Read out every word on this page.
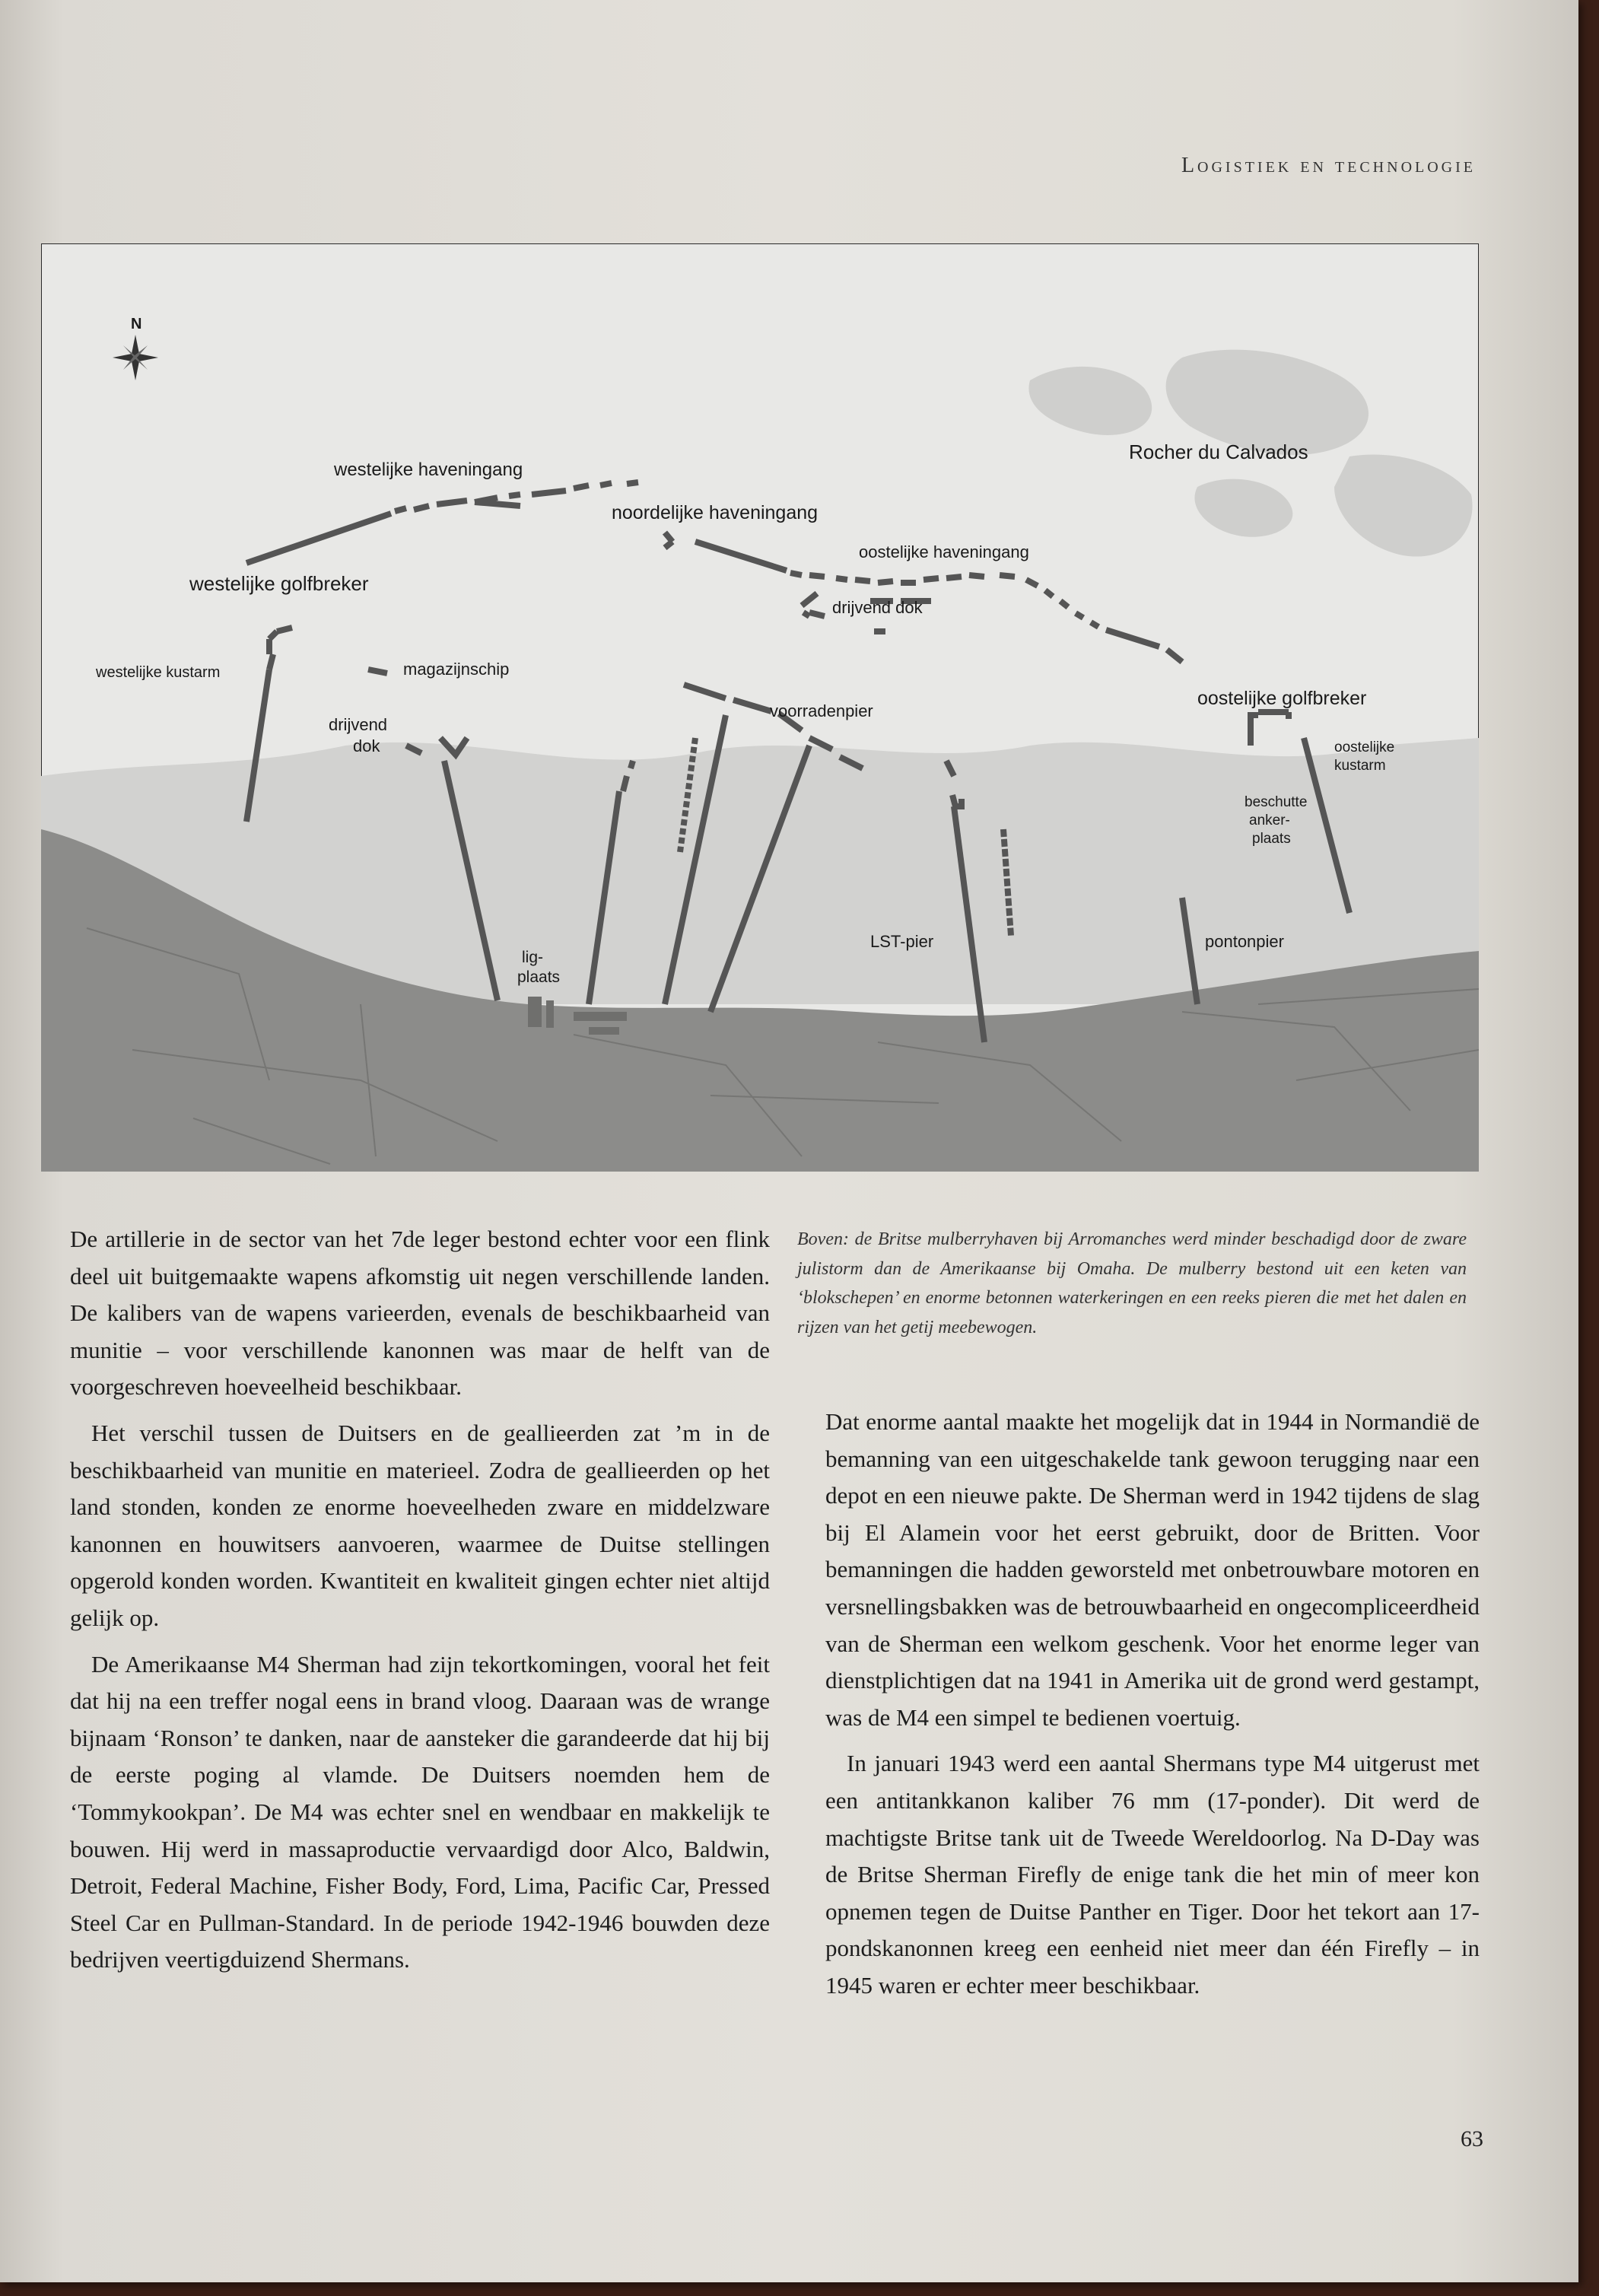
Logistiek en technologie
N
Rocher du Calvados
westelijke haveningang
noordelijke haveningang
oostelijke haveningang
westelijke golfbreker
drijvend dok
westelijke kustarm	magazijnschip
drijvend
dok
voorradenpier
oostelijke golfbreker
oostelijke
kustarm
beschutte
anker-
plaats
lig-
plaats
LST-pier	pontonpier
Boven: de Britse mulberryhaven bij Arromanches werd minder beschadigd door de zware julistorm dan de Amerikaanse bij Omaha. De mulberry bestond uit een keten van ‘blokschepen’ en enorme betonnen waterkeringen en een reeks pieren die met het dalen en rijzen van het getij meebewogen.

De artillerie in de sector van het 7de leger bestond echter voor een flink deel uit buitgemaakte wapens afkomstig uit negen verschillende landen. De kalibers van de wapens varieerden, evenals de beschikbaarheid van munitie – voor verschillende kanonnen was maar de helft van de voorgeschreven hoeveelheid beschikbaar.

Het verschil tussen de Duitsers en de geallieerden zat ’m in de beschikbaarheid van munitie en materieel. Zodra de geallieerden op het land stonden, konden ze enorme hoeveelheden zware en middelzware kanonnen en houwitsers aanvoeren, waarmee de Duitse stellingen opgerold konden worden. Kwantiteit en kwaliteit gingen echter niet altijd gelijk op.

De Amerikaanse M4 Sherman had zijn tekortkomingen, vooral het feit dat hij na een treffer nogal eens in brand vloog. Daaraan was de wrange bijnaam ‘Ronson’ te danken, naar de aansteker die garandeerde dat hij bij de eerste poging al vlamde. De Duitsers noemden hem de ‘Tommykookpan’. De M4 was echter snel en wendbaar en makkelijk te bouwen. Hij werd in massaproductie vervaardigd door Alco, Baldwin, Detroit, Federal Machine, Fisher Body, Ford, Lima, Pacific Car, Pressed Steel Car en Pullman-Standard. In de periode 1942-1946 bouwden deze bedrijven veertigduizend Shermans.

Dat enorme aantal maakte het mogelijk dat in 1944 in Normandië de bemanning van een uitgeschakelde tank gewoon terugging naar een depot en een nieuwe pakte. De Sherman werd in 1942 tijdens de slag bij El Alamein voor het eerst gebruikt, door de Britten. Voor bemanningen die hadden geworsteld met onbetrouwbare motoren en versnellingsbakken was de betrouwbaarheid en ongecompliceerdheid van de Sherman een welkom geschenk. Voor het enorme leger van dienstplichtigen dat na 1941 in Amerika uit de grond werd gestampt, was de M4 een simpel te bedienen voertuig.

In januari 1943 werd een aantal Shermans type M4 uitgerust met een antitankkanon kaliber 76 mm (17-ponder). Dit werd de machtigste Britse tank uit de Tweede Wereldoorlog. Na D-Day was de Britse Sherman Firefly de enige tank die het min of meer kon opnemen tegen de Duitse Panther en Tiger. Door het tekort aan 17-pondskanonnen kreeg een eenheid niet meer dan één Firefly – in 1945 waren er echter meer beschikbaar.

63
